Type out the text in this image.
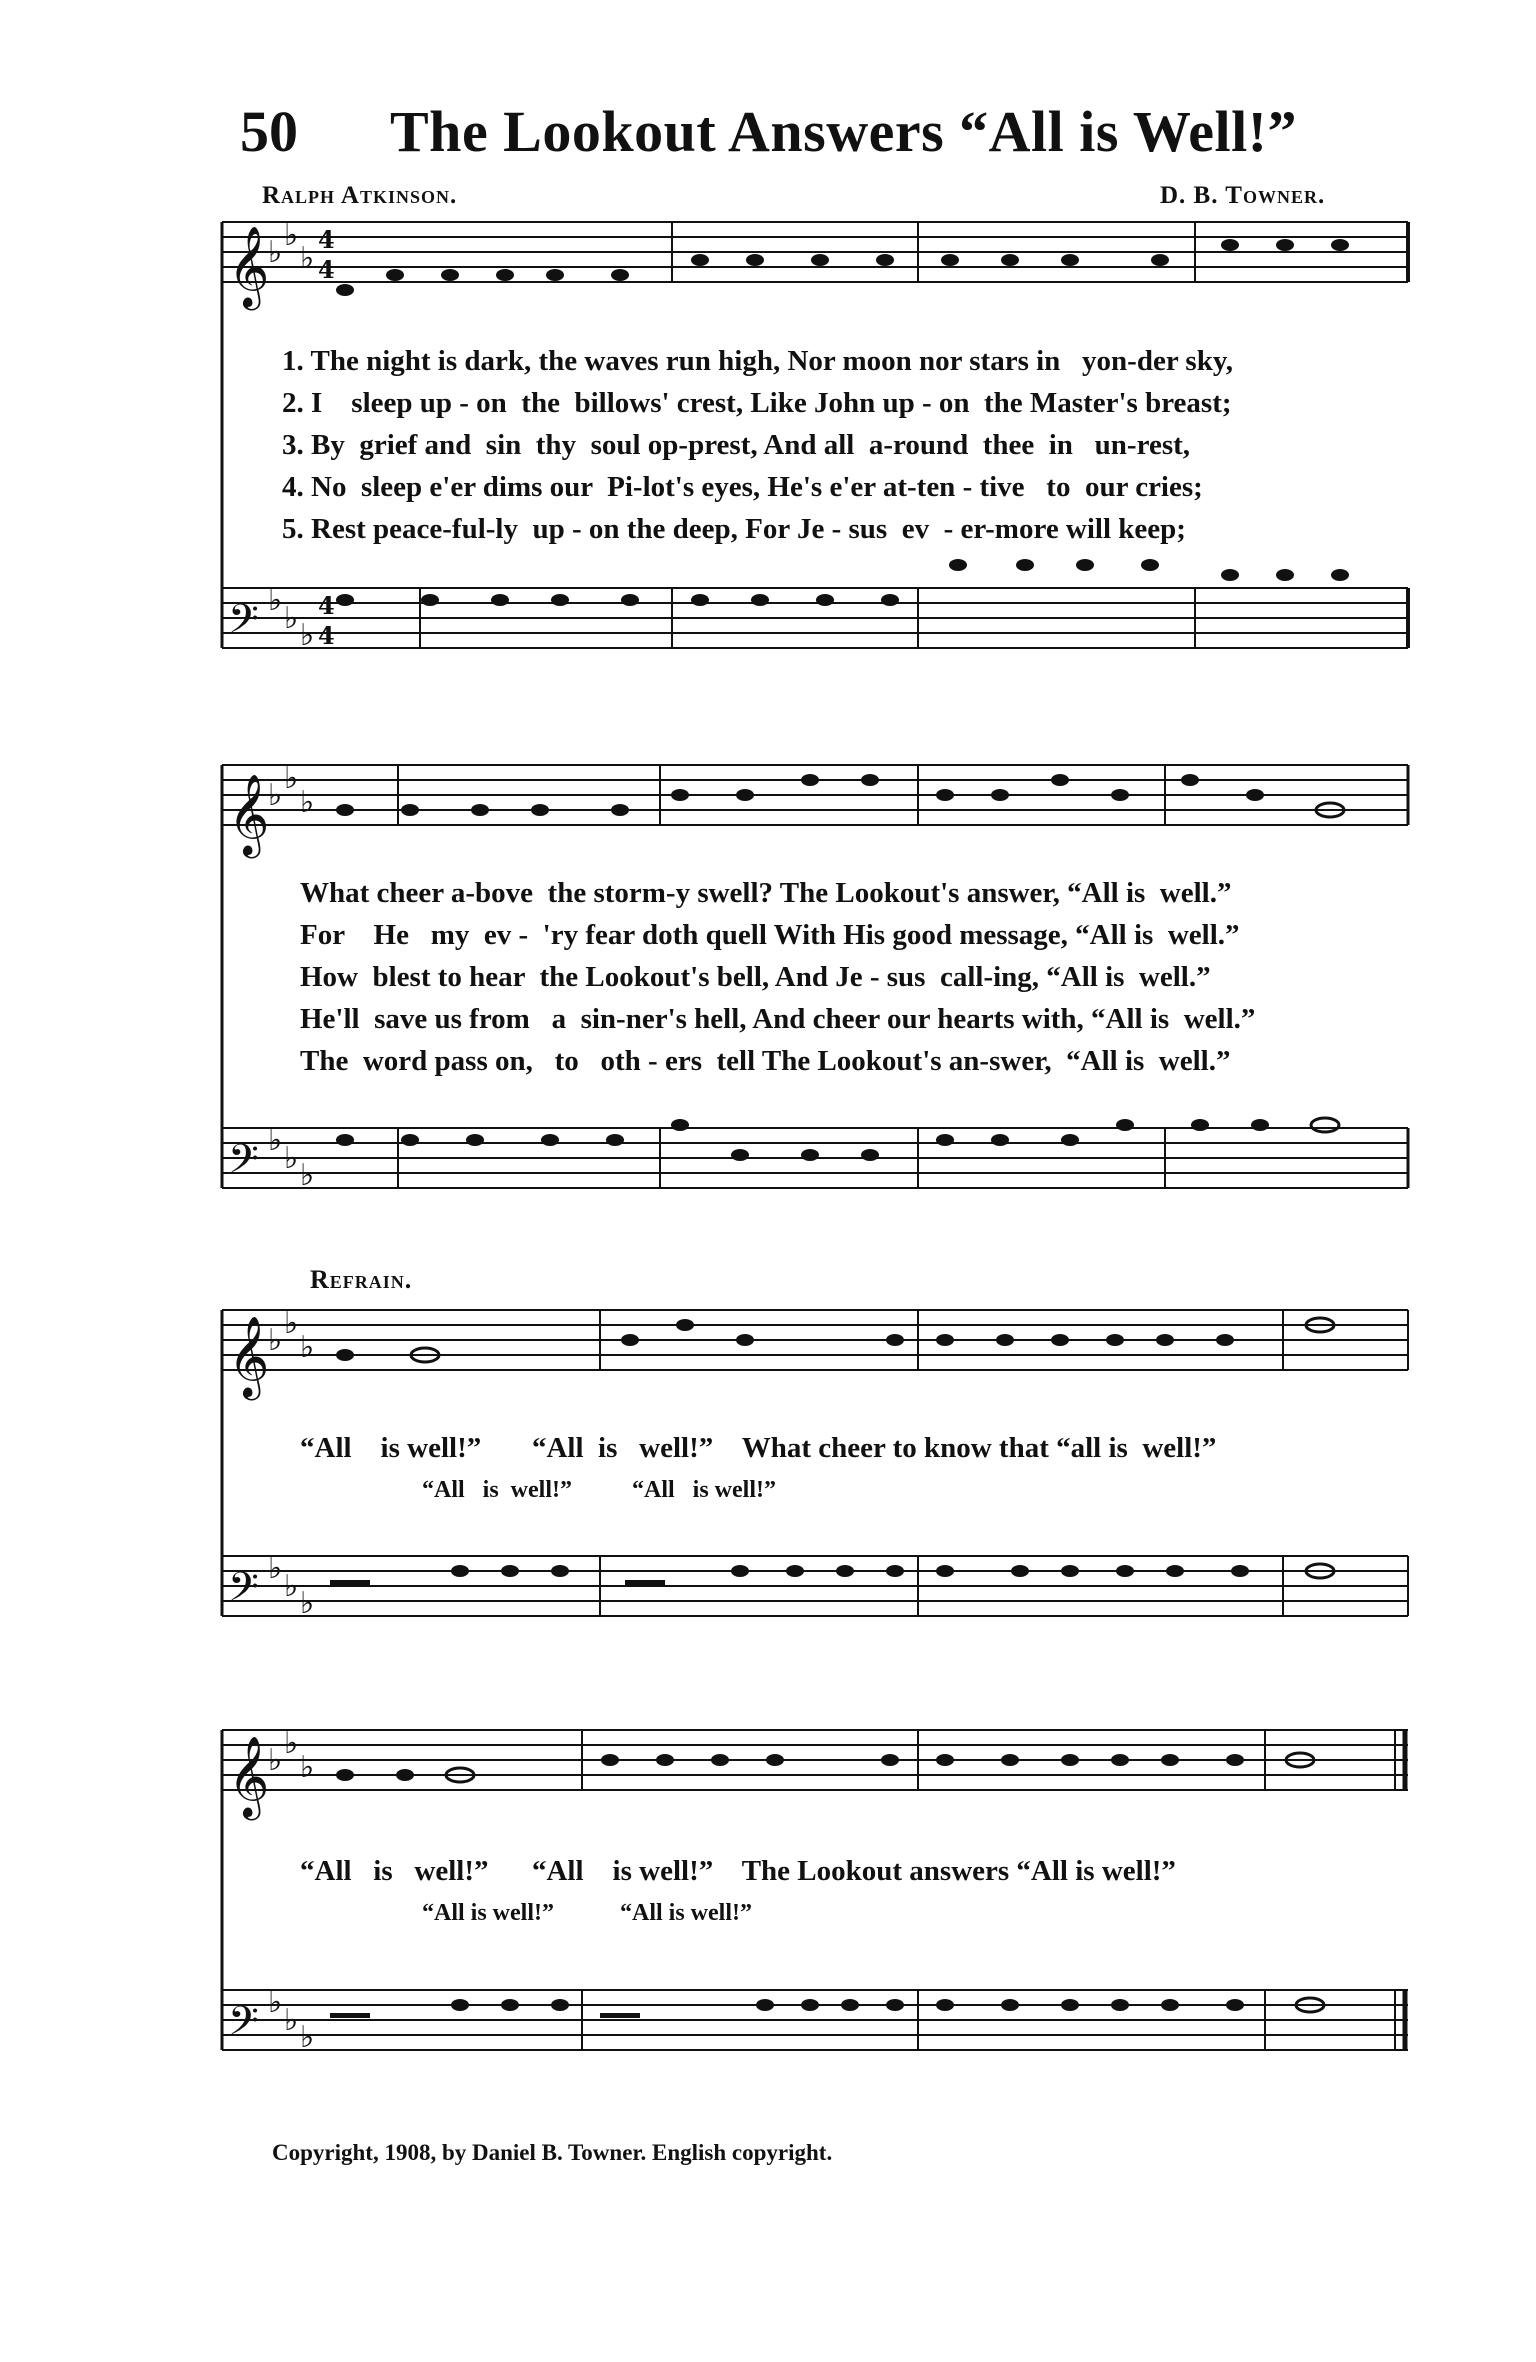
50 The Lookout Answers “All is Well!”
Ralph Atkinson.	D. B. Towner.
𝄞
𝄞
𝄞
𝄞
𝄢
𝄢
𝄢
𝄢
♭ ♭
♭
♭
♭ ♭
♭ ♭
♭
♭
♭ ♭
♭ ♭
♭
♭
♭ ♭
♭ ♭
♭
♭
♭ ♭
4
4
4
4
1. The night is dark, the waves run high, Nor moon nor stars in   yon-der sky,
2. I    sleep up - on  the  billows' crest, Like John up - on  the Master's breast;
3. By  grief and  sin  thy  soul op-prest, And all  a-round  thee  in   un-rest,
4. No  sleep e'er dims our  Pi-lot's eyes, He's e'er at-ten - tive   to  our cries;
5. Rest peace-ful-ly  up - on the deep, For Je - sus  ev  - er-more will keep;
What cheer a-bove  the storm-y swell? The Lookout's answer, “All is  well.”
For    He   my  ev -  'ry fear doth quell With His good message, “All is  well.”
How  blest to hear  the Lookout's bell, And Je - sus  call-ing, “All is  well.”
He'll  save us from   a  sin-ner's hell, And cheer our hearts with, “All is  well.”
The  word pass on,   to   oth - ers  tell The Lookout's an-swer,  “All is  well.”
Refrain.
“All    is well!”       “All  is   well!”    What cheer to know that “all is  well!”
“All   is  well!”          “All   is well!”
“All   is   well!”      “All    is well!”    The Lookout answers “All is well!”
“All is well!”           “All is well!”
Copyright, 1908, by Daniel B. Towner. English copyright.
